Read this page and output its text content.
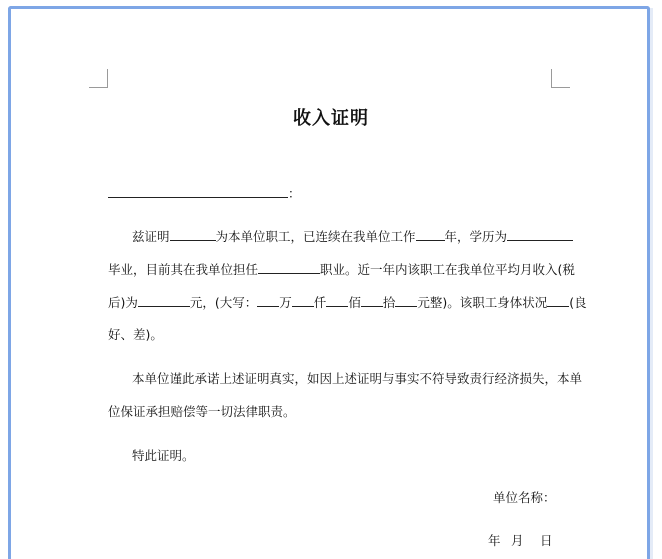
收入证明
：
兹证明	为本单位职工，已连续在我单位工作 年，学历为
毕业，目前其在我单位担任	职业。近一年内该职工在我单位平均月收入(税
后)为	元，(大写： 万 仟 佰 拾 元整)。该职工身体状况 (良
好、差)。
本单位谨此承诺上述证明真实，如因上述证明与事实不符导致责行经济损失，本单
位保证承担赔偿等一切法律职责。
特此证明。
单位名称：
年 月 日
